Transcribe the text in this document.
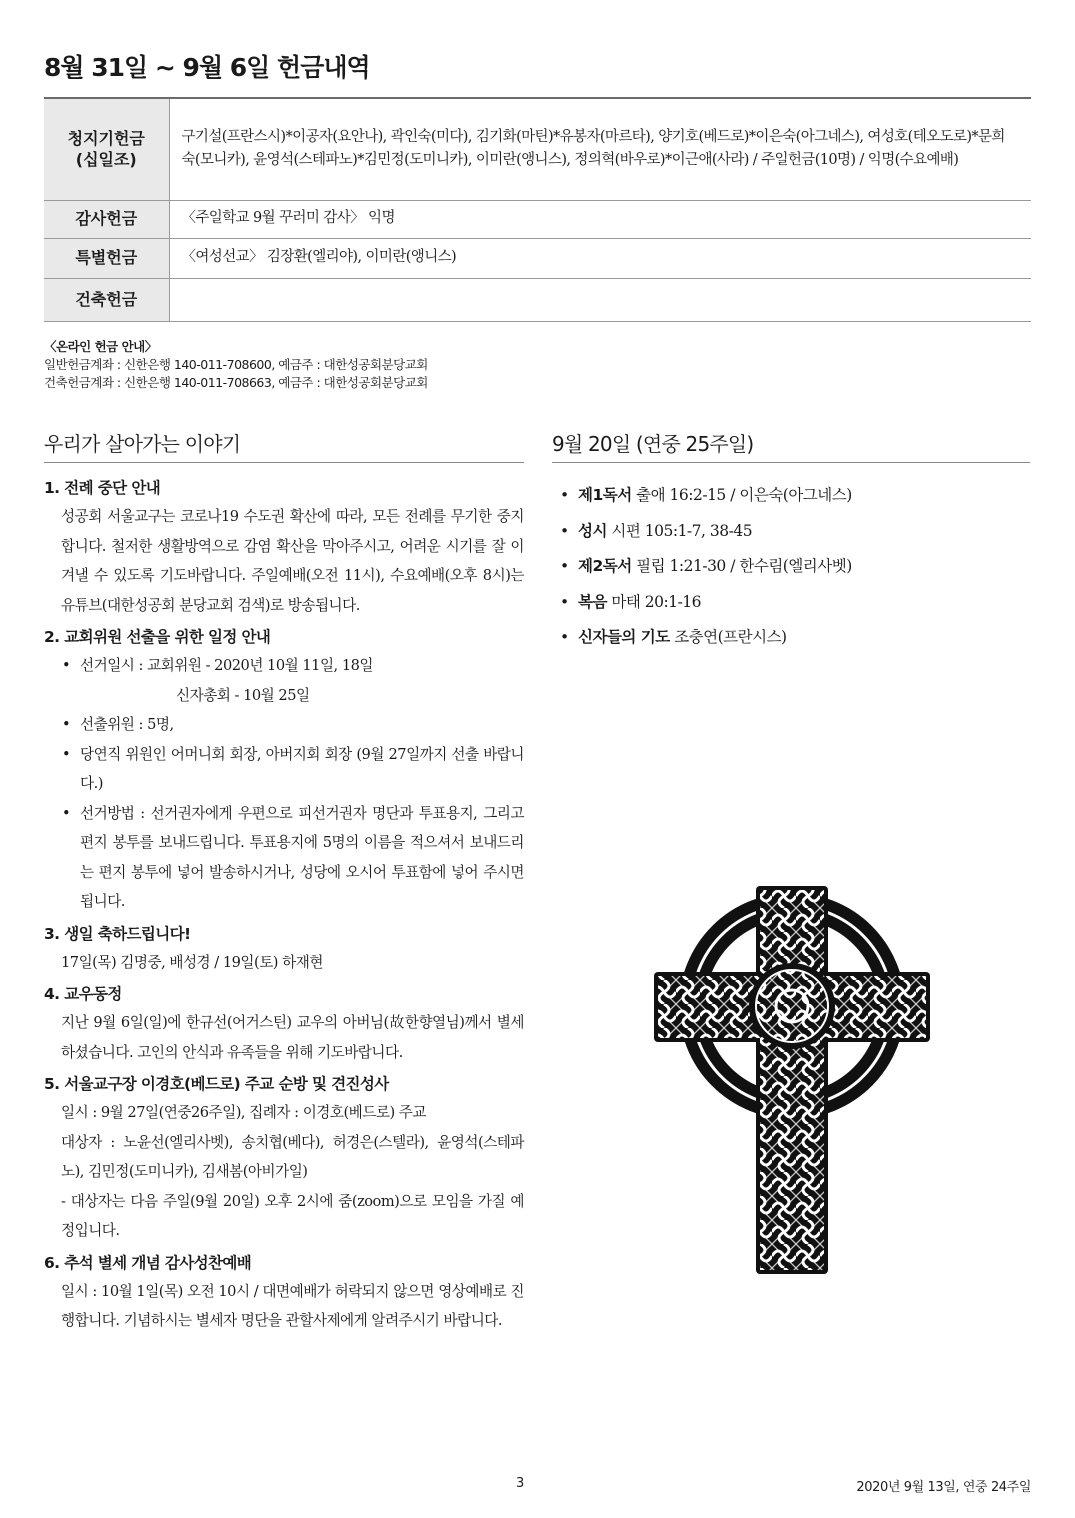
8월 31일 ~ 9월 6일 헌금내역
청지기헌금
(십일조)	구기설(프란스시)*이공자(요안나), 곽인숙(미다), 김기화(마틴)*유봉자(마르타), 양기호(베드로)*이은숙(아그네스), 여성호(테오도로)*문희숙(모니카), 윤영석(스테파노)*김민정(도미니카), 이미란(앵니스), 정의혁(바우로)*이근애(사라) / 주일헌금(10명) / 익명(수요예배)
감사헌금	〈주일학교 9월 꾸러미 감사〉 익명
특별헌금	〈여성선교〉 김장환(엘리야), 이미란(앵니스)
건축헌금	
〈온라인 헌금 안내〉
일반헌금계좌 : 신한은행 140-011-708600, 예금주 : 대한성공회분당교회
건축헌금계좌 : 신한은행 140-011-708663, 예금주 : 대한성공회분당교회
우리가 살아가는 이야기
1. 전례 중단 안내
성공회 서울교구는 코로나19 수도권 확산에 따라, 모든 전례를 무기한 중지합니다. 철저한 생활방역으로 감염 확산을 막아주시고, 어려운 시기를 잘 이겨낼 수 있도록 기도바랍니다. 주일예배(오전 11시), 수요예배(오후 8시)는 유튜브(대한성공회 분당교회 검색)로 방송됩니다.
2. 교회위원 선출을 위한 일정 안내
• 선거일시 : 교회위원 - 2020년 10월 11일, 18일
신자총회 - 10월 25일
• 선출위원 : 5명,
• 당연직 위원인 어머니회 회장, 아버지회 회장 (9월 27일까지 선출 바랍니다.)
• 선거방법 : 선거권자에게 우편으로 피선거권자 명단과 투표용지, 그리고 편지 봉투를 보내드립니다. 투표용지에 5명의 이름을 적으셔서 보내드리는 편지 봉투에 넣어 발송하시거나, 성당에 오시어 투표함에 넣어 주시면 됩니다.
3. 생일 축하드립니다!
17일(목) 김명중, 배성경 / 19일(토) 하재현
4. 교우동정
지난 9월 6일(일)에 한규선(어거스틴) 교우의 아버님(故한향열님)께서 별세하셨습니다. 고인의 안식과 유족들을 위해 기도바랍니다.
5. 서울교구장 이경호(베드로) 주교 순방 및 견진성사
일시 : 9월 27일(연중26주일), 집례자 : 이경호(베드로) 주교
대상자 : 노윤선(엘리사벳), 송치협(베다), 허경은(스텔라), 윤영석(스테파노), 김민정(도미니카), 김새봄(아비가일)
- 대상자는 다음 주일(9월 20일) 오후 2시에 줌(zoom)으로 모임을 가질 예정입니다.
6. 추석 별세 개념 감사성찬예배
일시 : 10월 1일(목) 오전 10시 / 대면예배가 허락되지 않으면 영상예배로 진행합니다. 기념하시는 별세자 명단을 관할사제에게 알려주시기 바랍니다.
9월 20일 (연중 25주일)
• 제1독서 출애 16:2-15 / 이은숙(아그네스)
• 성시 시편 105:1-7, 38-45
• 제2독서 필립 1:21-30 / 한수림(엘리사벳)
• 복음 마태 20:1-16
• 신자들의 기도 조충연(프란시스)
3	2020년 9월 13일, 연중 24주일
